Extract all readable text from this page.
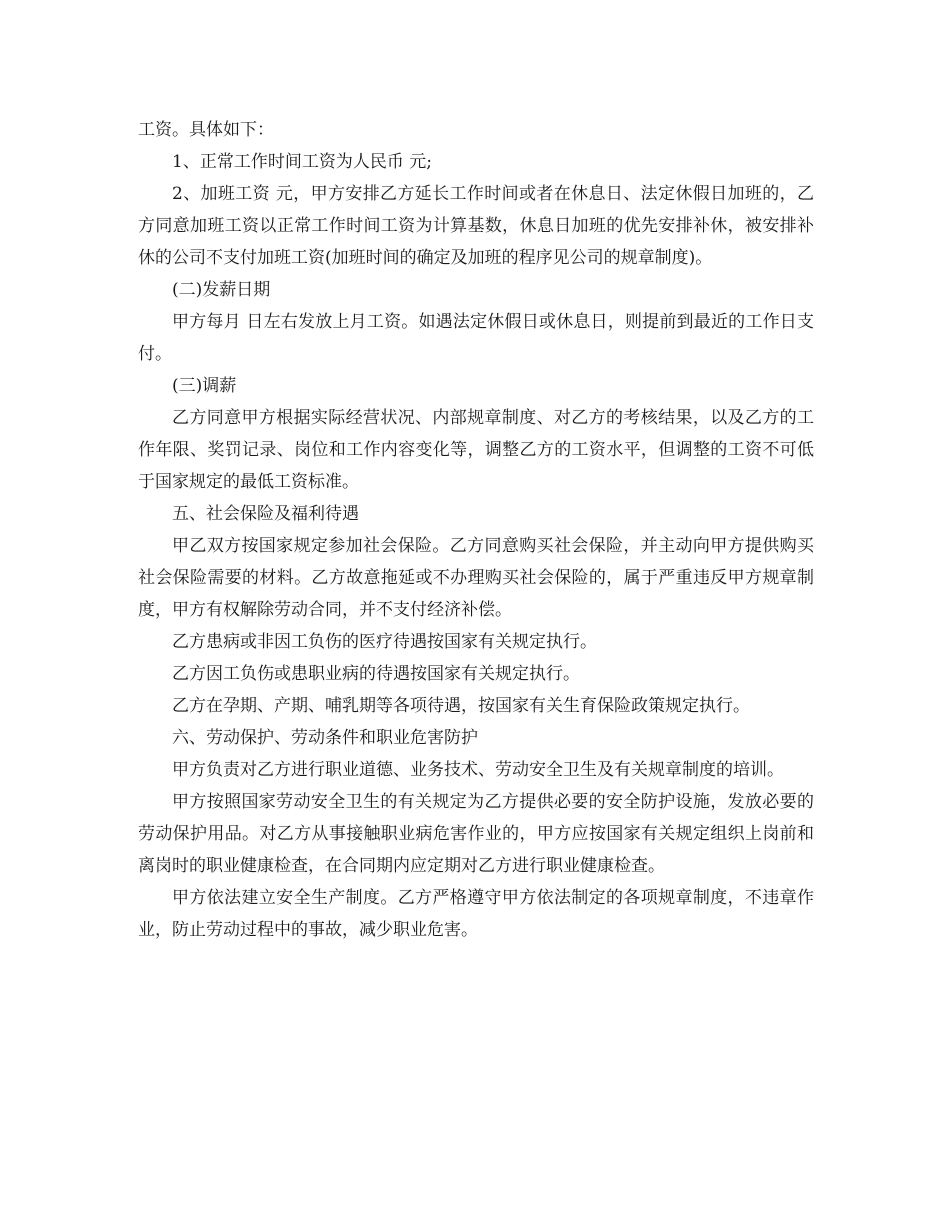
工资。具体如下：

1、正常工作时间工资为人民币 元;

2、加班工资 元，甲方安排乙方延长工作时间或者在休息日、法定休假日加班的，乙方同意加班工资以正常工作时间工资为计算基数，休息日加班的优先安排补休，被安排补休的公司不支付加班工资(加班时间的确定及加班的程序见公司的规章制度)。

(二)发薪日期

甲方每月 日左右发放上月工资。如遇法定休假日或休息日，则提前到最近的工作日支付。

(三)调薪

乙方同意甲方根据实际经营状况、内部规章制度、对乙方的考核结果，以及乙方的工作年限、奖罚记录、岗位和工作内容变化等，调整乙方的工资水平，但调整的工资不可低于国家规定的最低工资标准。

五、社会保险及福利待遇

甲乙双方按国家规定参加社会保险。乙方同意购买社会保险，并主动向甲方提供购买社会保险需要的材料。乙方故意拖延或不办理购买社会保险的，属于严重违反甲方规章制度，甲方有权解除劳动合同，并不支付经济补偿。

乙方患病或非因工负伤的医疗待遇按国家有关规定执行。

乙方因工负伤或患职业病的待遇按国家有关规定执行。

乙方在孕期、产期、哺乳期等各项待遇，按国家有关生育保险政策规定执行。

六、劳动保护、劳动条件和职业危害防护

甲方负责对乙方进行职业道德、业务技术、劳动安全卫生及有关规章制度的培训。

甲方按照国家劳动安全卫生的有关规定为乙方提供必要的安全防护设施，发放必要的劳动保护用品。对乙方从事接触职业病危害作业的，甲方应按国家有关规定组织上岗前和离岗时的职业健康检查，在合同期内应定期对乙方进行职业健康检查。

甲方依法建立安全生产制度。乙方严格遵守甲方依法制定的各项规章制度，不违章作业，防止劳动过程中的事故，减少职业危害。
